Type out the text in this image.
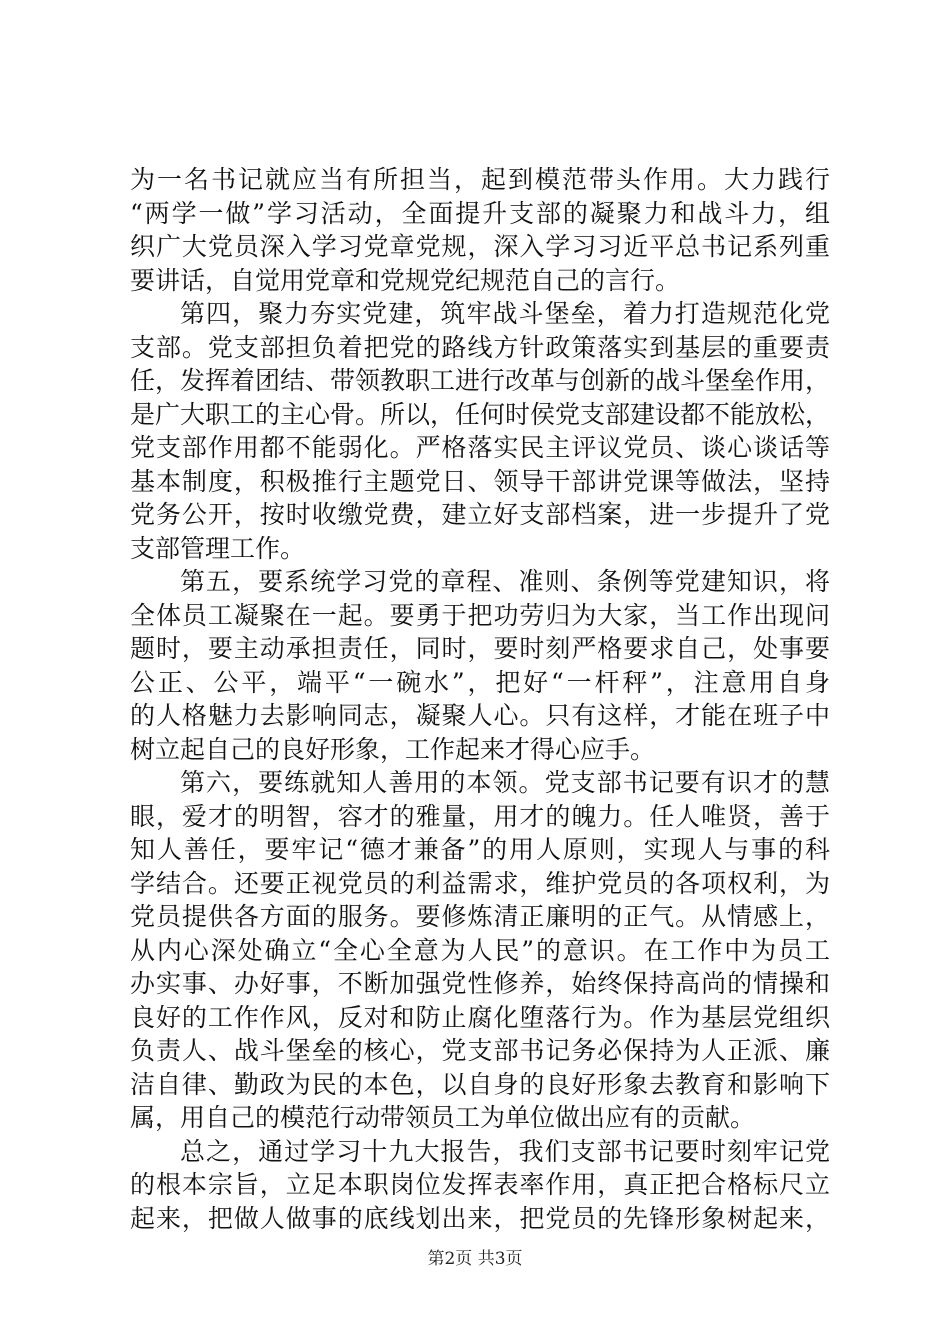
为一名书记就应当有所担当，起到模范带头作用。大力践行
“两学一做”学习活动，全面提升支部的凝聚力和战斗力，组
织广大党员深入学习党章党规，深入学习习近平总书记系列重
要讲话，自觉用党章和党规党纪规范自己的言行。
第四，聚力夯实党建，筑牢战斗堡垒，着力打造规范化党
支部。党支部担负着把党的路线方针政策落实到基层的重要责
任，发挥着团结、带领教职工进行改革与创新的战斗堡垒作用，
是广大职工的主心骨。所以，任何时侯党支部建设都不能放松，
党支部作用都不能弱化。严格落实民主评议党员、谈心谈话等
基本制度，积极推行主题党日、领导干部讲党课等做法，坚持
党务公开，按时收缴党费，建立好支部档案，进一步提升了党
支部管理工作。
第五，要系统学习党的章程、准则、条例等党建知识，将
全体员工凝聚在一起。要勇于把功劳归为大家，当工作出现问
题时，要主动承担责任，同时，要时刻严格要求自己，处事要
公正、公平，端平“一碗水”，把好“一杆秤”，注意用自身
的人格魅力去影响同志，凝聚人心。只有这样，才能在班子中
树立起自己的良好形象，工作起来才得心应手。
第六，要练就知人善用的本领。党支部书记要有识才的慧
眼，爱才的明智，容才的雅量，用才的魄力。任人唯贤，善于
知人善任，要牢记“德才兼备”的用人原则，实现人与事的科
学结合。还要正视党员的利益需求，维护党员的各项权利，为
党员提供各方面的服务。要修炼清正廉明的正气。从情感上，
从内心深处确立“全心全意为人民”的意识。在工作中为员工
办实事、办好事，不断加强党性修养，始终保持高尚的情操和
良好的工作作风，反对和防止腐化堕落行为。作为基层党组织
负责人、战斗堡垒的核心，党支部书记务必保持为人正派、廉
洁自律、勤政为民的本色，以自身的良好形象去教育和影响下
属，用自己的模范行动带领员工为单位做出应有的贡献。
总之，通过学习十九大报告，我们支部书记要时刻牢记党
的根本宗旨，立足本职岗位发挥表率作用，真正把合格标尺立
起来，把做人做事的底线划出来，把党员的先锋形象树起来，
第2页 共3页
